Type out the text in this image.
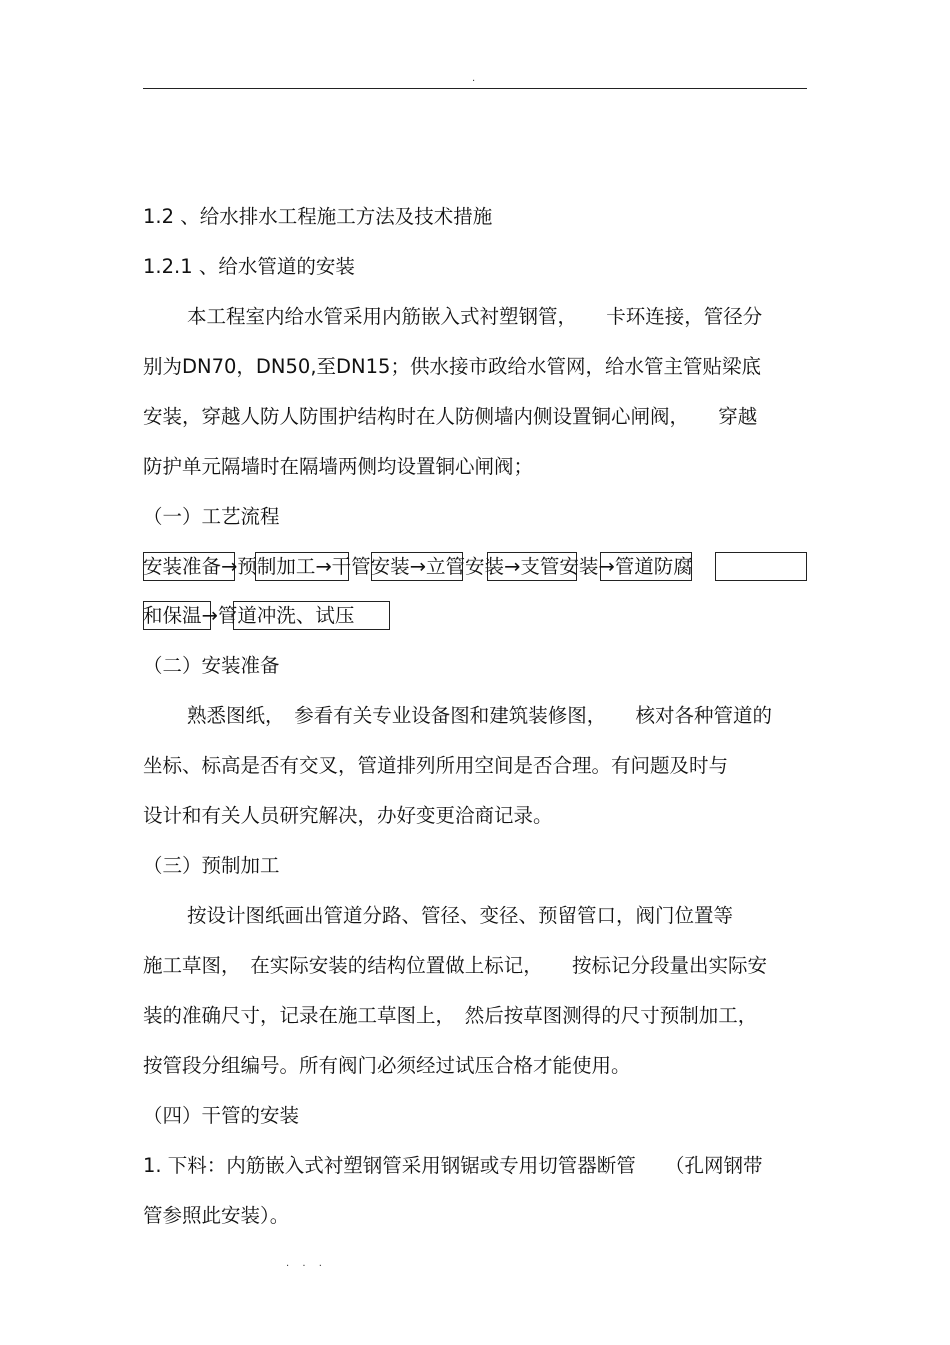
.
1.2 、给水排水工程施工方法及技术措施
1.2.1 、给水管道的安装
本工程室内给水管采用内筋嵌入式衬塑钢管，　　卡环连接，管径分
别为DN70，DN50,至DN15；供水接市政给水管网，给水管主管贴梁底
安装，穿越人防人防围护结构时在人防侧墙内侧设置铜心闸阀，　　穿越
防护单元隔墙时在隔墙两侧均设置铜心闸阀；
（一）工艺流程
安装准备→预制加工→干管安装→立管安装→支管安装→管道防腐
和保温→管道冲洗、试压
（二）安装准备
熟悉图纸，　参看有关专业设备图和建筑装修图，　　核对各种管道的
坐标、标高是否有交叉，管道排列所用空间是否合理。有问题及时与
设计和有关人员研究解决，办好变更洽商记录。
（三）预制加工
按设计图纸画出管道分路、管径、变径、预留管口，阀门位置等
施工草图，　在实际安装的结构位置做上标记，　　按标记分段量出实际安
装的准确尺寸，记录在施工草图上，　然后按草图测得的尺寸预制加工，
按管段分组编号。所有阀门必须经过试压合格才能使用。
（四）干管的安装
1. 下料：内筋嵌入式衬塑钢管采用钢锯或专用切管器断管　　（孔网钢带
管参照此安装）。
. . .
